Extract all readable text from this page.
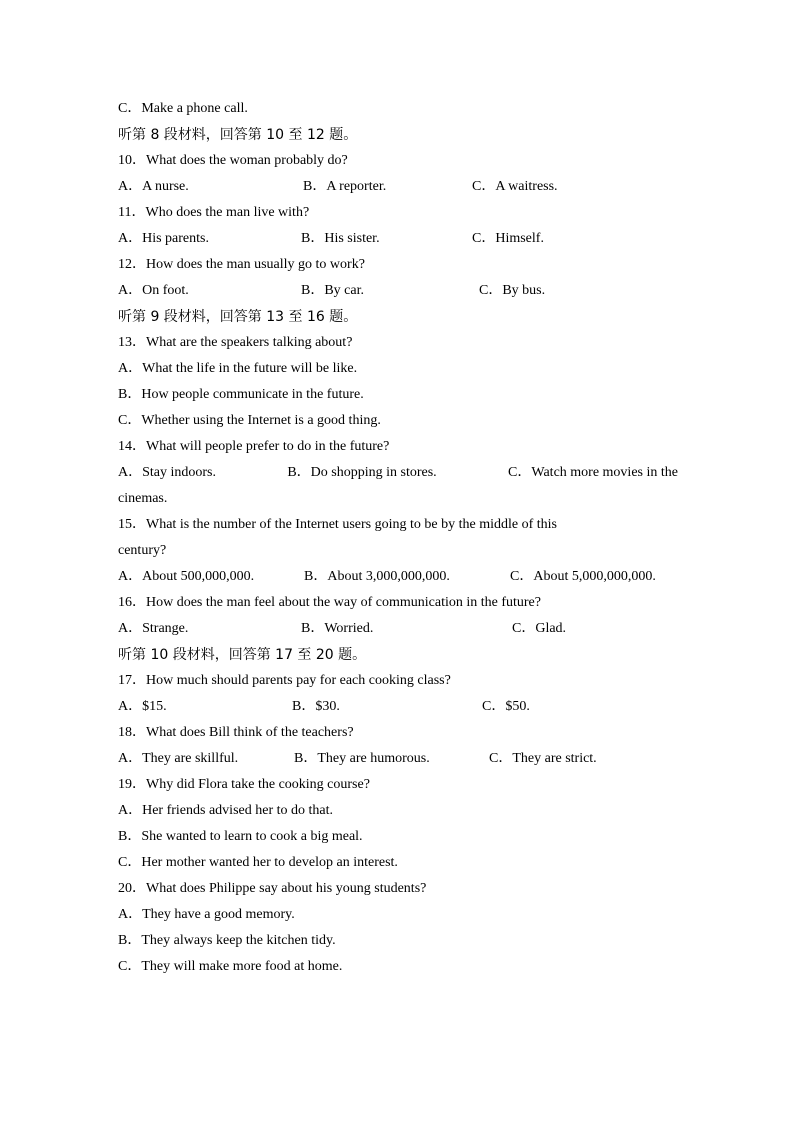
C．Make a phone call.
听第 8 段材料，回答第 10 至 12 题。
10．What does the woman probably do?
A．A nurse.	B．A reporter.	C．A waitress.
11．Who does the man live with?
A．His parents.	B．His sister.	C．Himself.
12．How does the man usually go to work?
A．On foot.	B．By car.	C．By bus.
听第 9 段材料，回答第 13 至 16 题。
13．What are the speakers talking about?
A．What the life in the future will be like.
B．How people communicate in the future.
C．Whether using the Internet is a good thing.
14．What will people prefer to do in the future?
A．Stay indoors.	B．Do shopping in stores.	C．Watch more movies in the
cinemas.
15．What is the number of the Internet users going to be by the middle of this
century?
A．About 500,000,000.	B．About 3,000,000,000.	C．About 5,000,000,000.
16．How does the man feel about the way of communication in the future?
A．Strange.	B．Worried.	C．Glad.
听第 10 段材料，回答第 17 至 20 题。
17．How much should parents pay for each cooking class?
A．$15.	B．$30.	C．$50.
18．What does Bill think of the teachers?
A．They are skillful.	B．They are humorous.	C．They are strict.
19．Why did Flora take the cooking course?
A．Her friends advised her to do that.
B．She wanted to learn to cook a big meal.
C．Her mother wanted her to develop an interest.
20．What does Philippe say about his young students?
A．They have a good memory.
B．They always keep the kitchen tidy.
C．They will make more food at home.
